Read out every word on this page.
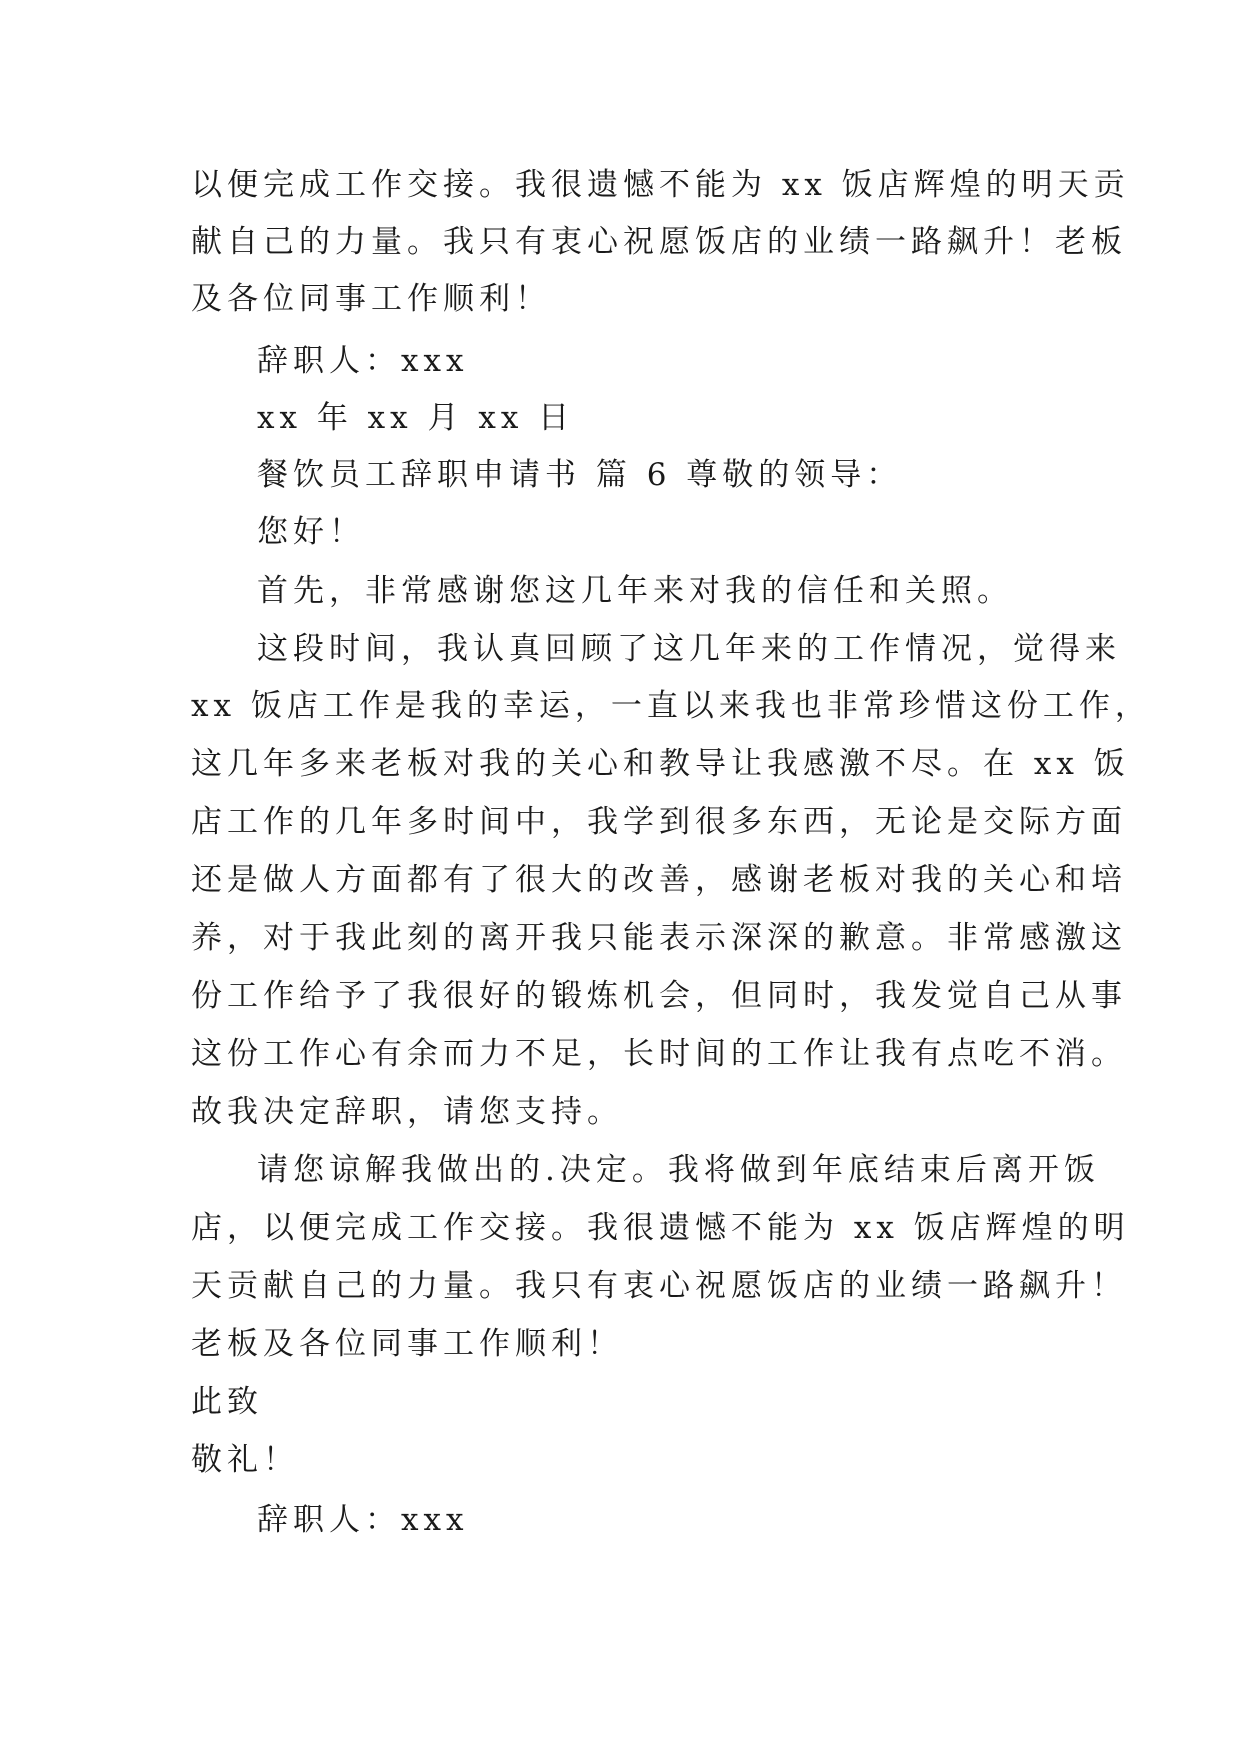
以便完成工作交接。我很遗憾不能为 xx 饭店辉煌的明天贡
献自己的力量。我只有衷心祝愿饭店的业绩一路飙升！老板
及各位同事工作顺利！
辞职人：xxx
xx 年 xx 月 xx 日
餐饮员工辞职申请书 篇 6 尊敬的领导：
您好！
首先，非常感谢您这几年来对我的信任和关照。
这段时间，我认真回顾了这几年来的工作情况，觉得来
xx 饭店工作是我的幸运，一直以来我也非常珍惜这份工作，
这几年多来老板对我的关心和教导让我感激不尽。在 xx 饭
店工作的几年多时间中，我学到很多东西，无论是交际方面
还是做人方面都有了很大的改善，感谢老板对我的关心和培
养，对于我此刻的离开我只能表示深深的歉意。非常感激这
份工作给予了我很好的锻炼机会，但同时，我发觉自己从事
这份工作心有余而力不足，长时间的工作让我有点吃不消。
故我决定辞职，请您支持。
请您谅解我做出的.决定。我将做到年底结束后离开饭
店，以便完成工作交接。我很遗憾不能为 xx 饭店辉煌的明
天贡献自己的力量。我只有衷心祝愿饭店的业绩一路飙升！
老板及各位同事工作顺利！
此致
敬礼！
辞职人：xxx
